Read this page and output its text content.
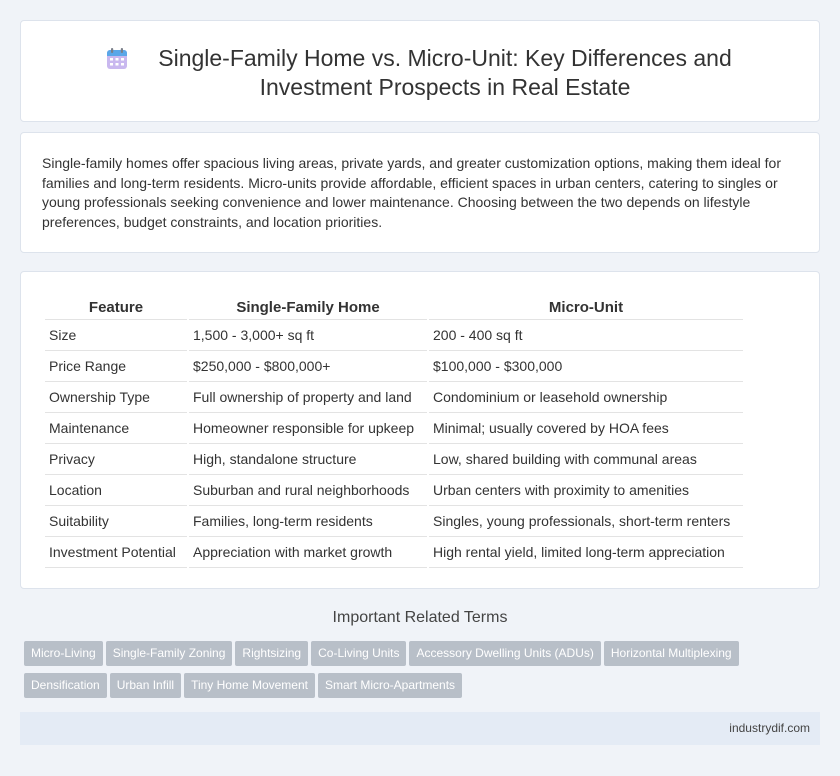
Single-Family Home vs. Micro-Unit: Key Differences and Investment Prospects in Real Estate

Single-family homes offer spacious living areas, private yards, and greater customization options, making them ideal for families and long-term residents. Micro-units provide affordable, efficient spaces in urban centers, catering to singles or young professionals seeking convenience and lower maintenance. Choosing between the two depends on lifestyle preferences, budget constraints, and location priorities.

Feature	Single-Family Home	Micro-Unit
Size	1,500 - 3,000+ sq ft	200 - 400 sq ft
Price Range	$250,000 - $800,000+	$100,000 - $300,000
Ownership Type	Full ownership of property and land	Condominium or leasehold ownership
Maintenance	Homeowner responsible for upkeep	Minimal; usually covered by HOA fees
Privacy	High, standalone structure	Low, shared building with communal areas
Location	Suburban and rural neighborhoods	Urban centers with proximity to amenities
Suitability	Families, long-term residents	Singles, young professionals, short-term renters
Investment Potential	Appreciation with market growth	High rental yield, limited long-term appreciation
Important Related Terms
Micro-Living Single-Family Zoning Rightsizing Co-Living Units Accessory Dwelling Units (ADUs) Horizontal Multiplexing
Densification Urban Infill Tiny Home Movement Smart Micro-Apartments
industrydif.com
